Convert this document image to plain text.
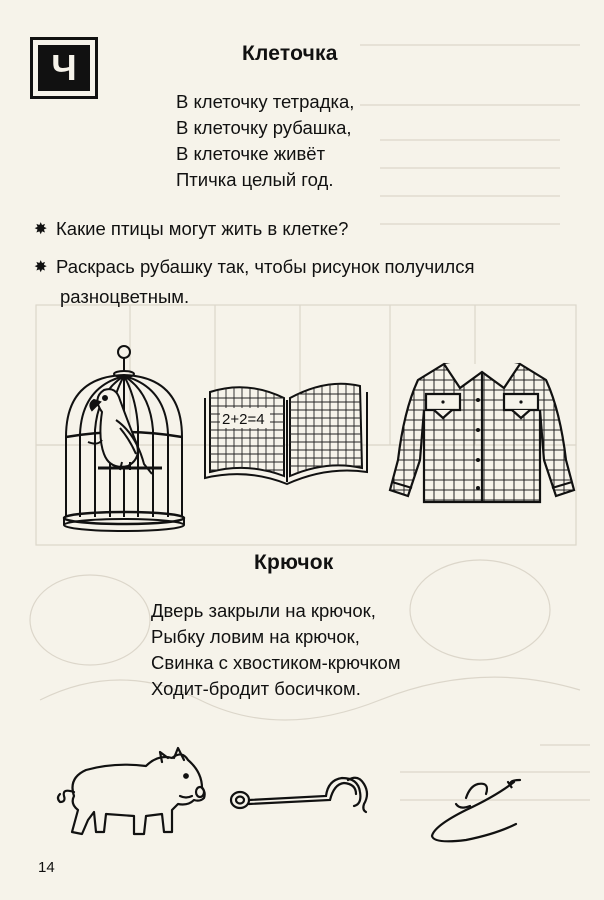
Ч	Клеточка
В клеточку тетрадка,
В клеточку рубашка,
В клеточке живёт
Птичка целый год.
✸ Какие птицы могут жить в клетке?
✸ Раскрась рубашку так, чтобы рисунок получился
разноцветным.
2+2=4
Крючок
Дверь закрыли на крючок,
Рыбку ловим на крючок,
Свинка с хвостиком-крючком
Ходит-бродит босичком.
14
